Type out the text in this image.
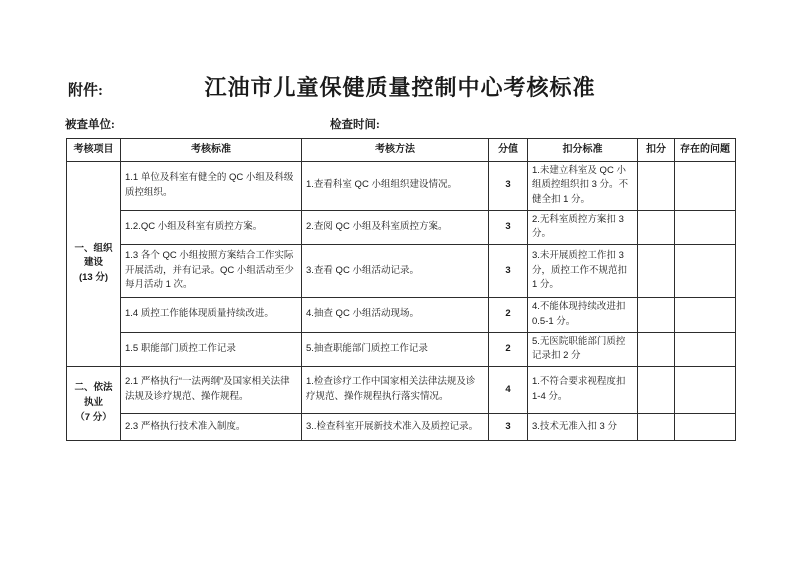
附件:	江油市儿童保健质量控制中心考核标准
被查单位:	检查时间:
考核项目	考核标准	考核方法	分值	扣分标准	扣分	存在的问题

一、组织建设
(13 分)	1.1 单位及科室有健全的 QC 小组及科级质控组织。	1.查看科室 QC 小组组织建设情况。	3	1.未建立科室及 QC 小组质控组织扣 3 分。不健全扣 1 分。		
	1.2.QC 小组及科室有质控方案。	2.查阅 QC 小组及科室质控方案。	3	2.无科室质控方案扣 3 分。		
	1.3 各个 QC 小组按照方案结合工作实际开展活动，并有记录。QC 小组活动至少每月活动 1 次。	3.查看 QC 小组活动记录。	3	3.未开展质控工作扣 3 分，质控工作不规范扣 1 分。		
	1.4 质控工作能体现质量持续改进。	4.抽查 QC 小组活动现场。	2	4.不能体现持续改进扣 0.5-1 分。		
	1.5 职能部门质控工作记录	5.抽查职能部门质控工作记录	2	5.无医院职能部门质控记录扣 2 分		

二、依法执业
（7 分）	2.1 严格执行“一法两纲”及国家相关法律法规及诊疗规范、操作规程。	1.检查诊疗工作中国家相关法律法规及诊疗规范、操作规程执行落实情况。	4	1.不符合要求视程度扣 1-4 分。		
	2.3 严格执行技术准入制度。	3..检查科室开展新技术准入及质控记录。	3	3.技术无准入扣 3 分		
